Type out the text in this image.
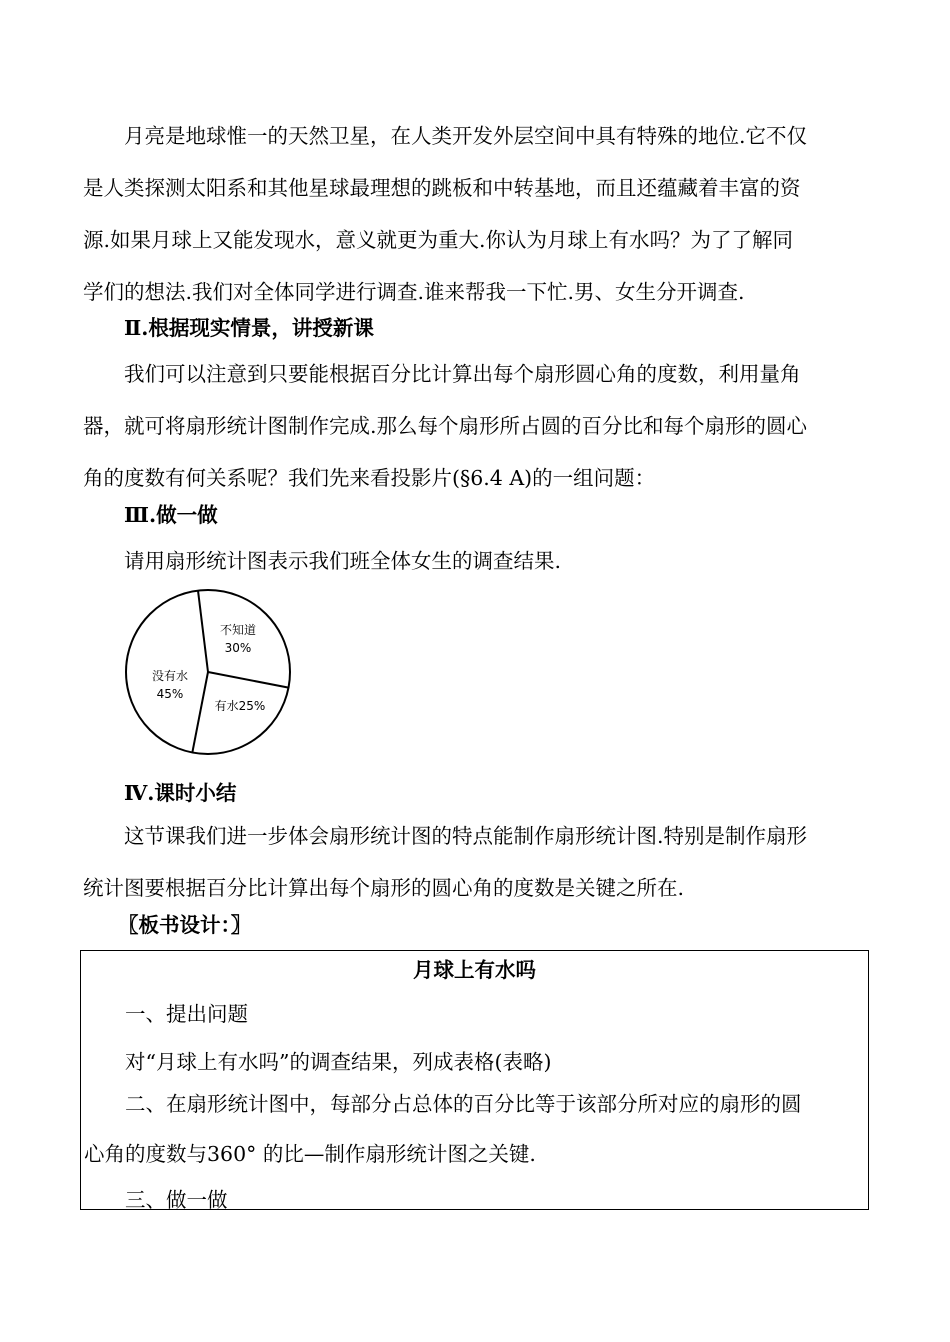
月亮是地球惟一的天然卫星，在人类开发外层空间中具有特殊的地位.它不仅
是人类探测太阳系和其他星球最理想的跳板和中转基地，而且还蕴藏着丰富的资
源.如果月球上又能发现水，意义就更为重大.你认为月球上有水吗？为了了解同
学们的想法.我们对全体同学进行调查.谁来帮我一下忙.男、女生分开调查.

Ⅱ.根据现实情景，讲授新课

我们可以注意到只要能根据百分比计算出每个扇形圆心角的度数，利用量角
器，就可将扇形统计图制作完成.那么每个扇形所占圆的百分比和每个扇形的圆心
角的度数有何关系呢？我们先来看投影片(§6.4 A)的一组问题：

Ⅲ.做一做

请用扇形统计图表示我们班全体女生的调查结果.

不知道
30%
有水25%
没有水
45%
Ⅳ.课时小结

这节课我们进一步体会扇形统计图的特点能制作扇形统计图.特别是制作扇形
统计图要根据百分比计算出每个扇形的圆心角的度数是关键之所在.

〖板书设计：〗
月球上有水吗

一、提出问题

对“月球上有水吗”的调查结果，列成表格(表略)

二、在扇形统计图中，每部分占总体的百分比等于该部分所对应的扇形的圆

心角的度数与360° 的比—制作扇形统计图之关键.

三、做一做
